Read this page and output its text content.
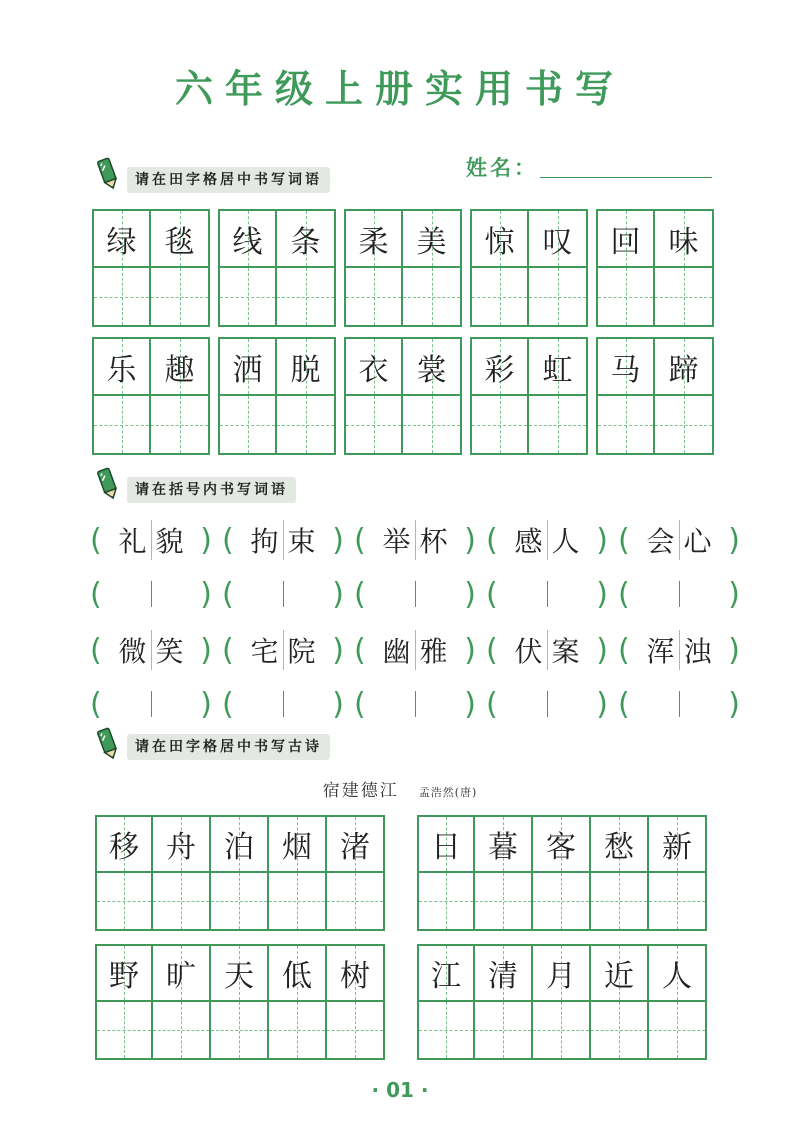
六年级上册实用书写
姓名：
请在田字格居中书写词语
绿 毯 线 条 柔 美 惊 叹 回 味
乐 趣 洒 脱 衣 裳 彩 虹 马 蹄
请在括号内书写词语
( 礼 貌 )
(	)
( 拘 束 )
(	)
( 举 杯 )
(	)
( 感 人 )
(	)
( 会 心 )
(	)
( 微 笑 )
(	)
( 宅 院 )
(	)
( 幽 雅 )
(	)
( 伏 案 )
(	)
( 浑 浊 )
(	)
请在田字格居中书写古诗
宿建德江 孟浩然(唐)
移 舟 泊 烟 渚 日 暮 客 愁 新
野 旷 天 低 树 江 清 月 近 人
· 01 ·
